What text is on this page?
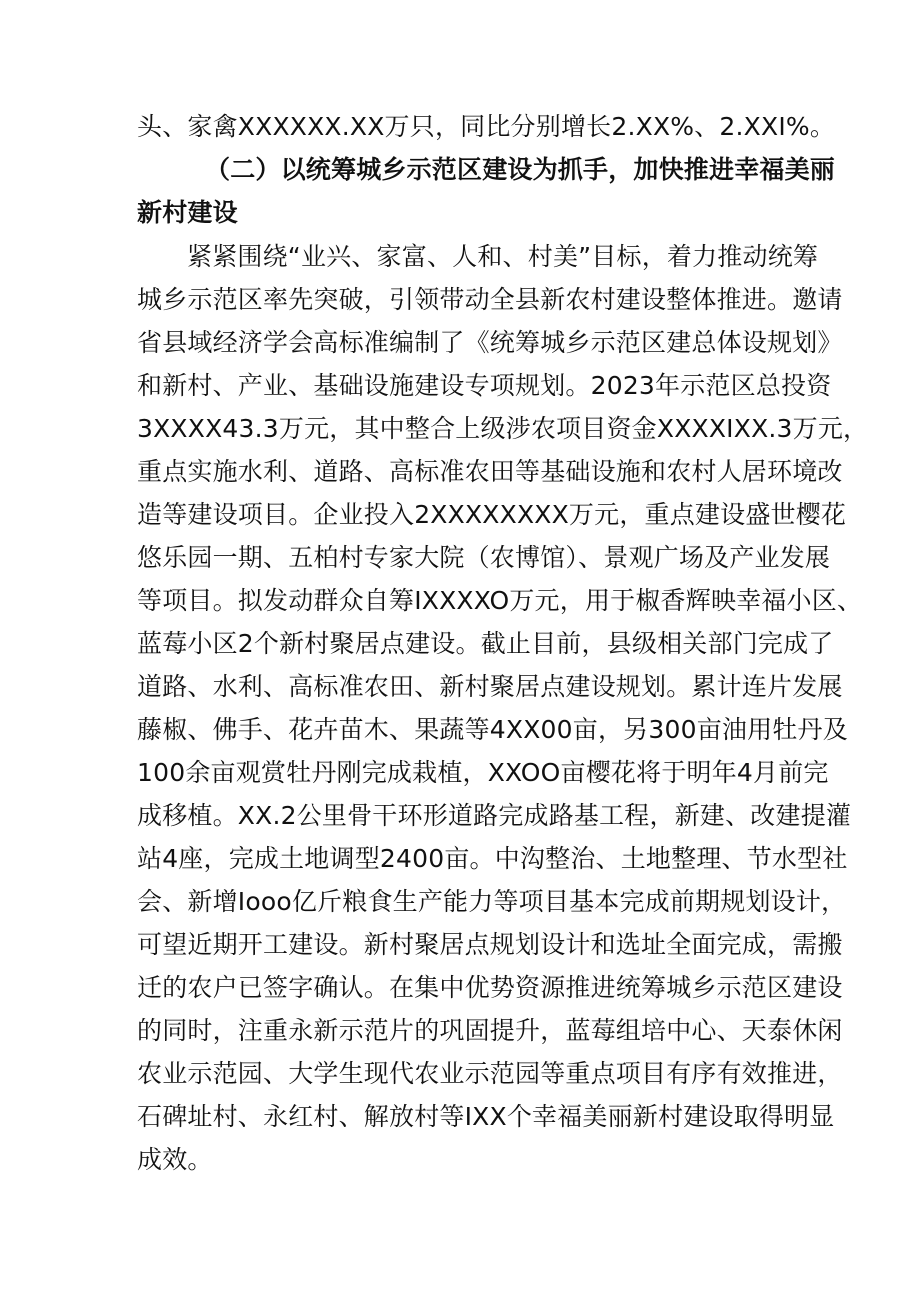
头、家禽XXXXXX.XX万只，同比分别增长2.XX%、2.XXI%。
（二）以统筹城乡示范区建设为抓手，加快推进幸福美丽
新村建设
紧紧围绕“业兴、家富、人和、村美”目标，着力推动统筹
城乡示范区率先突破，引领带动全县新农村建设整体推进。邀请
省县域经济学会高标准编制了《统筹城乡示范区建总体设规划》
和新村、产业、基础设施建设专项规划。2023年示范区总投资
3XXXX43.3万元，其中整合上级涉农项目资金XXXXIXX.3万元，
重点实施水利、道路、高标准农田等基础设施和农村人居环境改
造等建设项目。企业投入2XXXXXXXX万元，重点建设盛世樱花
悠乐园一期、五柏村专家大院（农博馆）、景观广场及产业发展
等项目。拟发动群众自筹IXXXXO万元，用于椒香辉映幸福小区、
蓝莓小区2个新村聚居点建设。截止目前，县级相关部门完成了
道路、水利、高标准农田、新村聚居点建设规划。累计连片发展
藤椒、佛手、花卉苗木、果蔬等4XX00亩，另300亩油用牡丹及
100余亩观赏牡丹刚完成栽植，XXOO亩樱花将于明年4月前完
成移植。XX.2公里骨干环形道路完成路基工程，新建、改建提灌
站4座，完成土地调型2400亩。中沟整治、土地整理、节水型社
会、新增Iooo亿斤粮食生产能力等项目基本完成前期规划设计，
可望近期开工建设。新村聚居点规划设计和选址全面完成，需搬
迁的农户已签字确认。在集中优势资源推进统筹城乡示范区建设
的同时，注重永新示范片的巩固提升，蓝莓组培中心、天泰休闲
农业示范园、大学生现代农业示范园等重点项目有序有效推进，
石碑址村、永红村、解放村等IXX个幸福美丽新村建设取得明显
成效。
